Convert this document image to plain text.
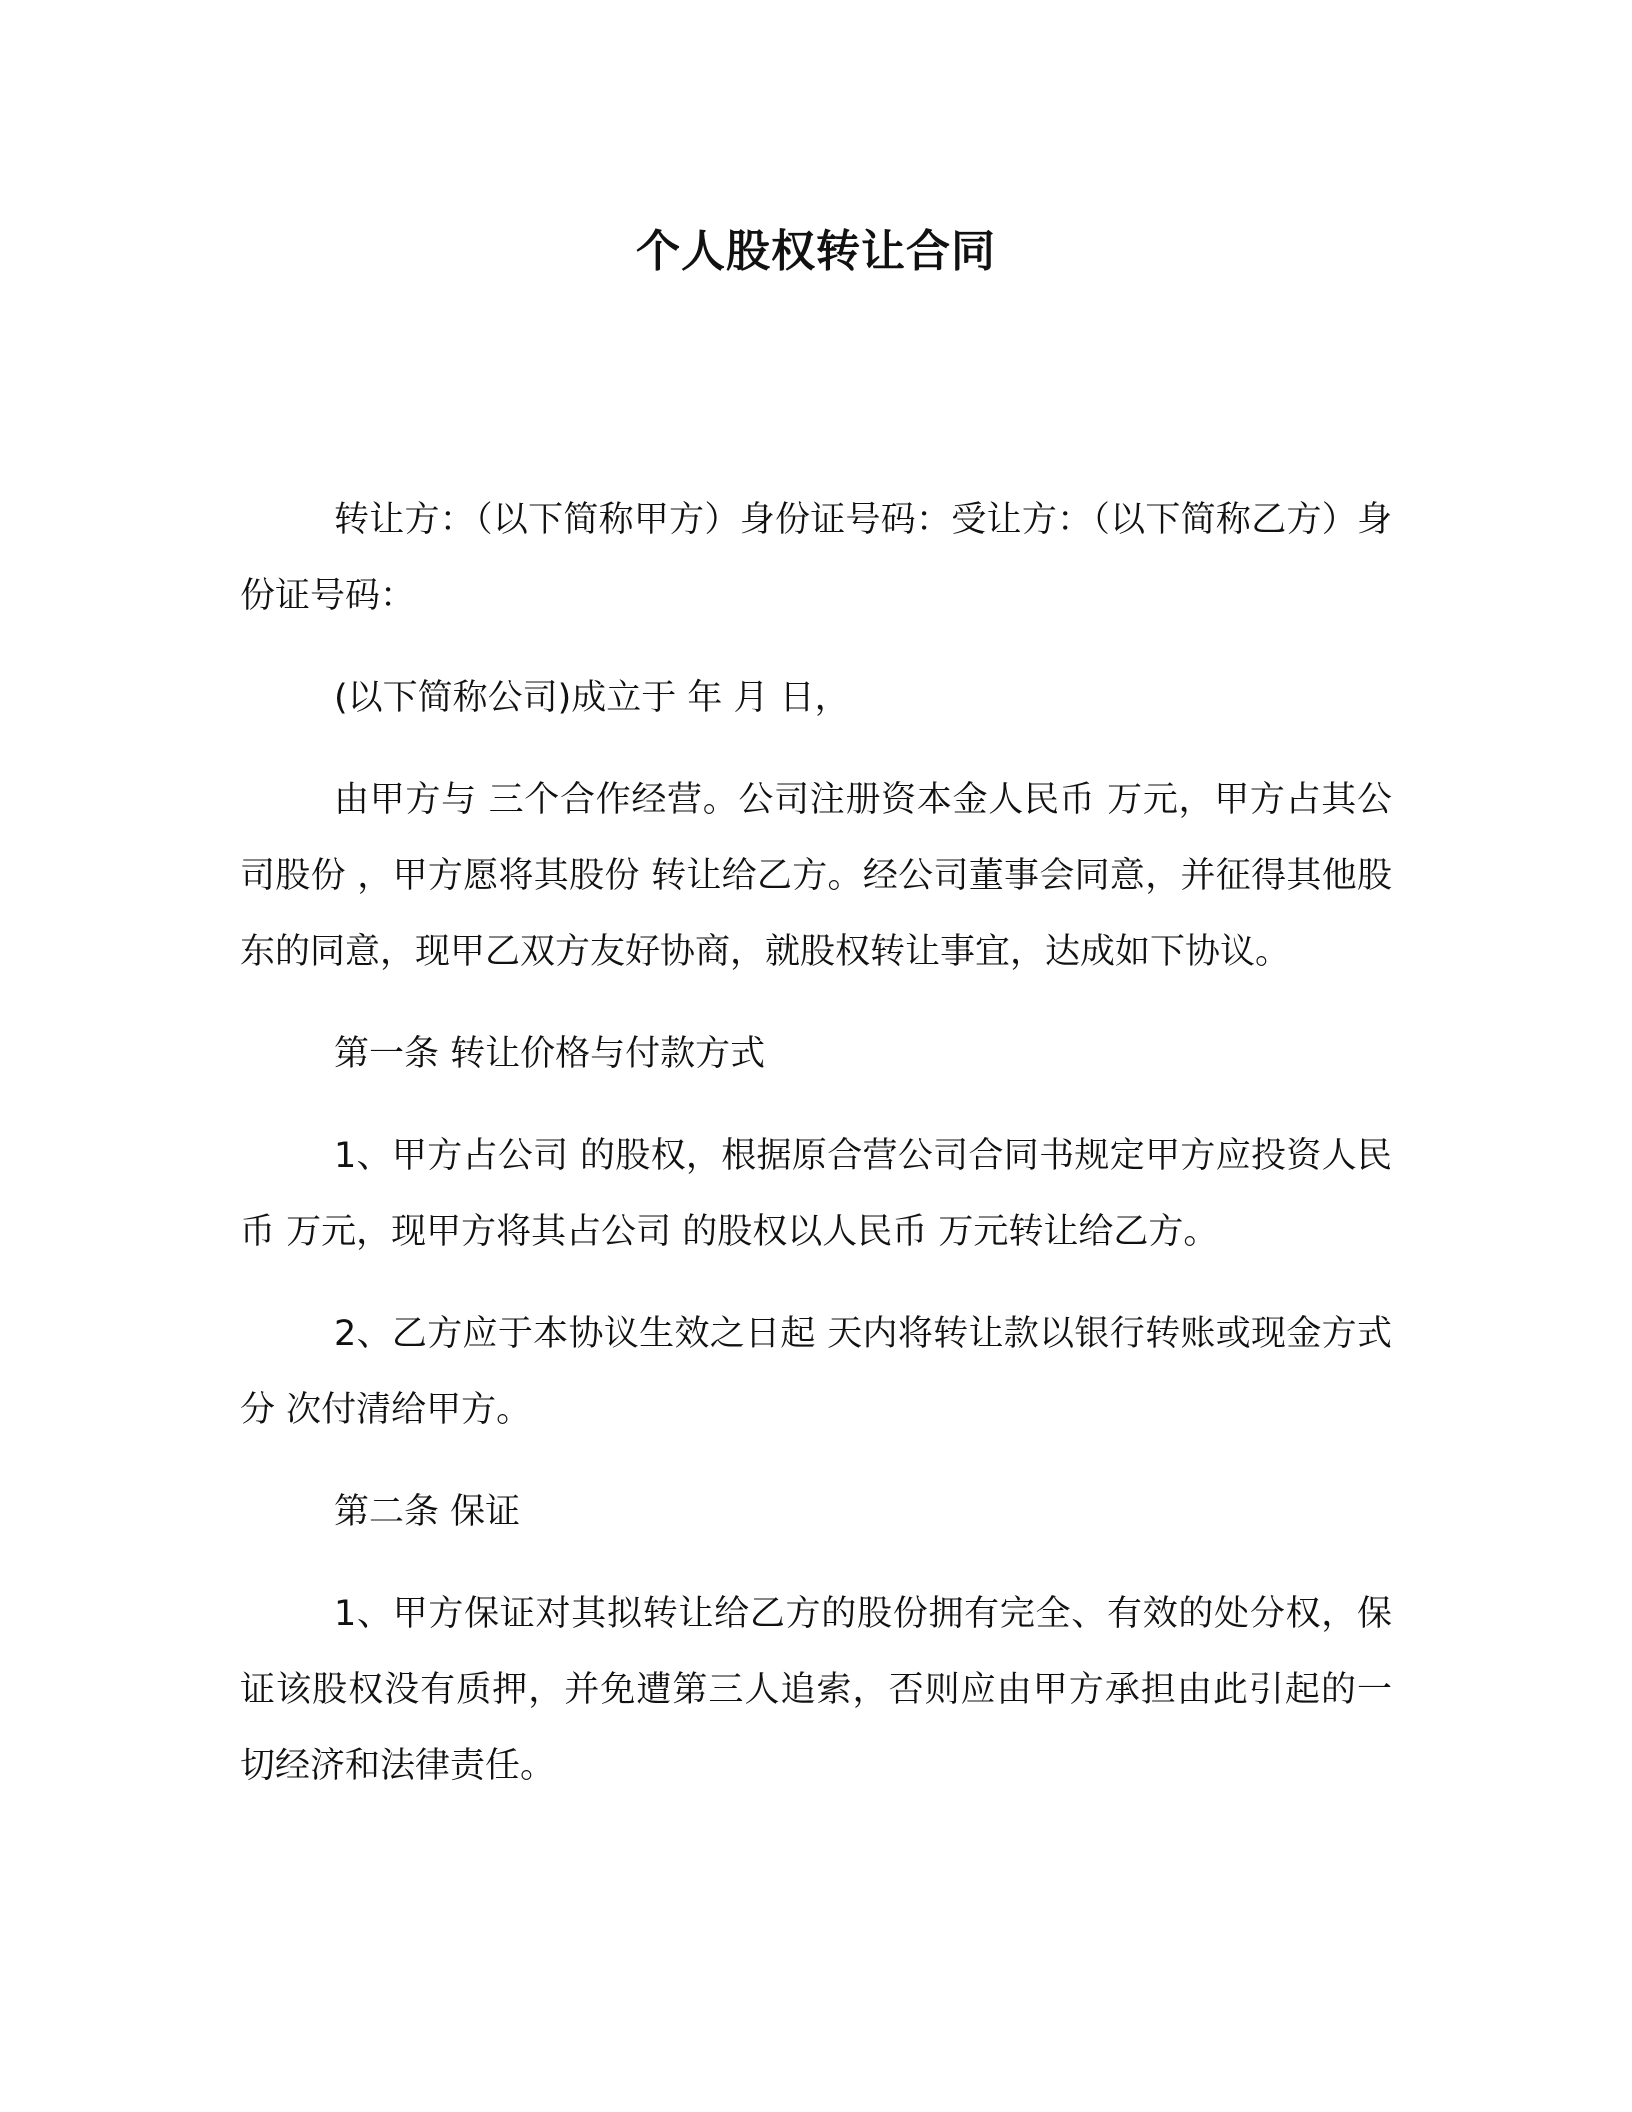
个人股权转让合同

转让方：（以下简称甲方）身份证号码：受让方：（以下简称乙方）身份证号码：

(以下简称公司)成立于 年 月 日，

由甲方与 三个合作经营。公司注册资本金人民币 万元，甲方占其公司股份 ，甲方愿将其股份 转让给乙方。经公司董事会同意，并征得其他股东的同意，现甲乙双方友好协商，就股权转让事宜，达成如下协议。

第一条 转让价格与付款方式

1、甲方占公司 的股权，根据原合营公司合同书规定甲方应投资人民币 万元，现甲方将其占公司 的股权以人民币 万元转让给乙方。

2、乙方应于本协议生效之日起 天内将转让款以银行转账或现金方式分 次付清给甲方。

第二条 保证

1、甲方保证对其拟转让给乙方的股份拥有完全、有效的处分权，保证该股权没有质押，并免遭第三人追索，否则应由甲方承担由此引起的一切经济和法律责任。
